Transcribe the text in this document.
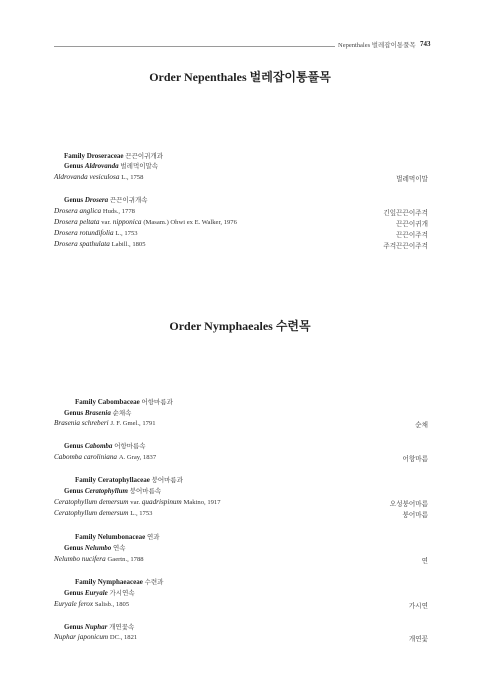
Nepenthales 벌레잡이통풀목 743
Order Nepenthales 벌레잡이통풀목
Family Droseraceae 끈끈이귀개과
Genus Aldrovanda 벌레먹이말속
Aldrovanda vesiculosa L., 1758	벌레먹이말
Genus Drosera 끈끈이귀개속
Drosera anglica Huds., 1778	긴잎끈끈이주걱
Drosera peltata var. nipponica (Masam.) Ohwi ex E. Walker, 1976	끈끈이귀개
Drosera rotundifolia L., 1753	끈끈이주걱
Drosera spathulata Labill., 1805	주걱끈끈이주걱
Order Nymphaeales 수련목
Family Cabombaceae 어항마름과
Genus Brasenia 순채속
Brasenia schreberi J. F. Gmel., 1791	순채
Genus Cabomba 어항마름속
Cabomba caroliniana A. Gray, 1837	어항마름
Family Ceratophyllaceae 붕어마름과
Genus Ceratophyllum 붕어마름속
Ceratophyllum demersum var. quadrispinum Makino, 1917	오성붕어마름
Ceratophyllum demersum L., 1753	붕어마름
Family Nelumbonaceae 연과
Genus Nelumbo 연속
Nelumbo nucifera Gaertn., 1788	연
Family Nymphaeaceae 수련과
Genus Euryale 가시연속
Euryale ferox Salisb., 1805	가시연
Genus Nuphar 개연꽃속
Nuphar japonicum DC., 1821	개연꽃
